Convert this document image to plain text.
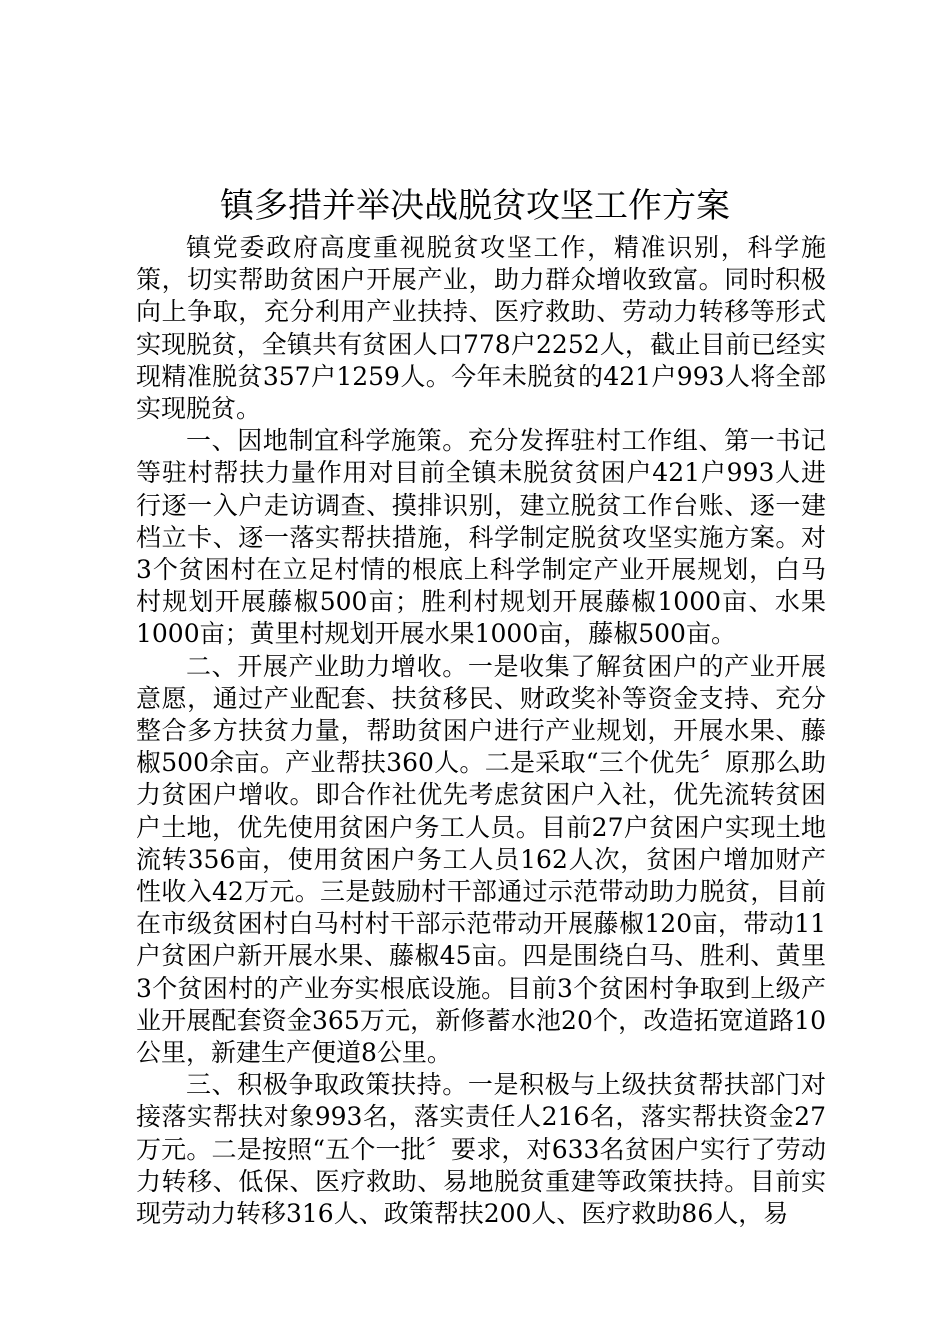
镇多措并举决战脱贫攻坚工作方案

镇党委政府高度重视脱贫攻坚工作，精准识别，科学施策，切实帮助贫困户开展产业，助力群众增收致富。同时积极向上争取，充分利用产业扶持、医疗救助、劳动力转移等形式实现脱贫，全镇共有贫困人口778户2252人，截止目前已经实现精准脱贫357户1259人。今年未脱贫的421户993人将全部实现脱贫。

一、因地制宜科学施策。充分发挥驻村工作组、第一书记等驻村帮扶力量作用对目前全镇未脱贫贫困户421户993人进行逐一入户走访调查、摸排识别，建立脱贫工作台账、逐一建档立卡、逐一落实帮扶措施，科学制定脱贫攻坚实施方案。对3个贫困村在立足村情的根底上科学制定产业开展规划，白马村规划开展藤椒500亩；胜利村规划开展藤椒1000亩、水果1000亩；黄里村规划开展水果1000亩，藤椒500亩。

二、开展产业助力增收。一是收集了解贫困户的产业开展意愿，通过产业配套、扶贫移民、财政奖补等资金支持、充分整合多方扶贫力量，帮助贫困户进行产业规划，开展水果、藤椒500余亩。产业帮扶360人。二是采取“三个优先〞原那么助力贫困户增收。即合作社优先考虑贫困户入社，优先流转贫困户土地，优先使用贫困户务工人员。目前27户贫困户实现土地流转356亩，使用贫困户务工人员162人次，贫困户增加财产性收入42万元。三是鼓励村干部通过示范带动助力脱贫，目前在市级贫困村白马村村干部示范带动开展藤椒120亩，带动11户贫困户新开展水果、藤椒45亩。四是围绕白马、胜利、黄里3个贫困村的产业夯实根底设施。目前3个贫困村争取到上级产业开展配套资金365万元，新修蓄水池20个，改造拓宽道路10公里，新建生产便道8公里。

三、积极争取政策扶持。一是积极与上级扶贫帮扶部门对接落实帮扶对象993名，落实责任人216名，落实帮扶资金27万元。二是按照“五个一批〞要求，对633名贫困户实行了劳动力转移、低保、医疗救助、易地脱贫重建等政策扶持。目前实现劳动力转移316人、政策帮扶200人、医疗救助86人，易
